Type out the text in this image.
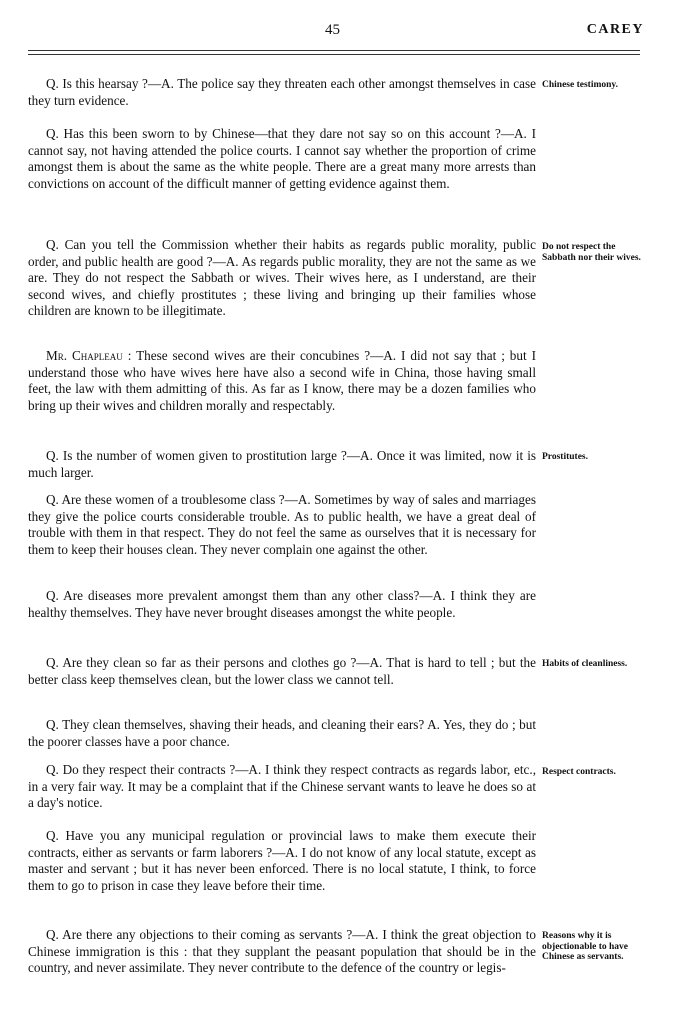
45	CAREY

Q. Is this hearsay ?—A. The police say they threaten each other amongst themselves in case they turn evidence.

Q. Has this been sworn to by Chinese—that they dare not say so on this account ?—A. I cannot say, not having attended the police courts. I cannot say whether the proportion of crime amongst them is about the same as the white people. There are a great many more arrests than convictions on account of the difficult manner of getting evidence against them.

Q. Can you tell the Commission whether their habits as regards public morality, public order, and public health are good ?—A. As regards public morality, they are not the same as we are. They do not respect the Sabbath or wives. Their wives here, as I understand, are their second wives, and chiefly prostitutes ; these living and bringing up their families whose children are known to be illegitimate.

Mr. Chapleau : These second wives are their concubines ?—A. I did not say that ; but I understand those who have wives here have also a second wife in China, those having small feet, the law with them admitting of this. As far as I know, there may be a dozen families who bring up their wives and children morally and respectably.

Q. Is the number of women given to prostitution large ?—A. Once it was limited, now it is much larger.

Q. Are these women of a troublesome class ?—A. Sometimes by way of sales and marriages they give the police courts considerable trouble. As to public health, we have a great deal of trouble with them in that respect. They do not feel the same as ourselves that it is necessary for them to keep their houses clean. They never complain one against the other.

Q. Are diseases more prevalent amongst them than any other class?—A. I think they are healthy themselves. They have never brought diseases amongst the white people.

Q. Are they clean so far as their persons and clothes go ?—A. That is hard to tell ; but the better class keep themselves clean, but the lower class we cannot tell.

Q. They clean themselves, shaving their heads, and cleaning their ears? A. Yes, they do ; but the poorer classes have a poor chance.

Q. Do they respect their contracts ?—A. I think they respect contracts as regards labor, etc., in a very fair way. It may be a complaint that if the Chinese servant wants to leave he does so at a day's notice.

Q. Have you any municipal regulation or provincial laws to make them execute their contracts, either as servants or farm laborers ?—A. I do not know of any local statute, except as master and servant ; but it has never been enforced. There is no local statute, I think, to force them to go to prison in case they leave before their time.

Q. Are there any objections to their coming as servants ?—A. I think the great objection to Chinese immigration is this : that they supplant the peasant population that should be in the country, and never assimilate. They never contribute to the defence of the country or legis-

Chinese testimony.

Do not respect the Sabbath nor their wives.

Prostitutes.

Habits of cleanliness.

Respect contracts.

Reasons why it is objectionable to have Chinese as servants.
